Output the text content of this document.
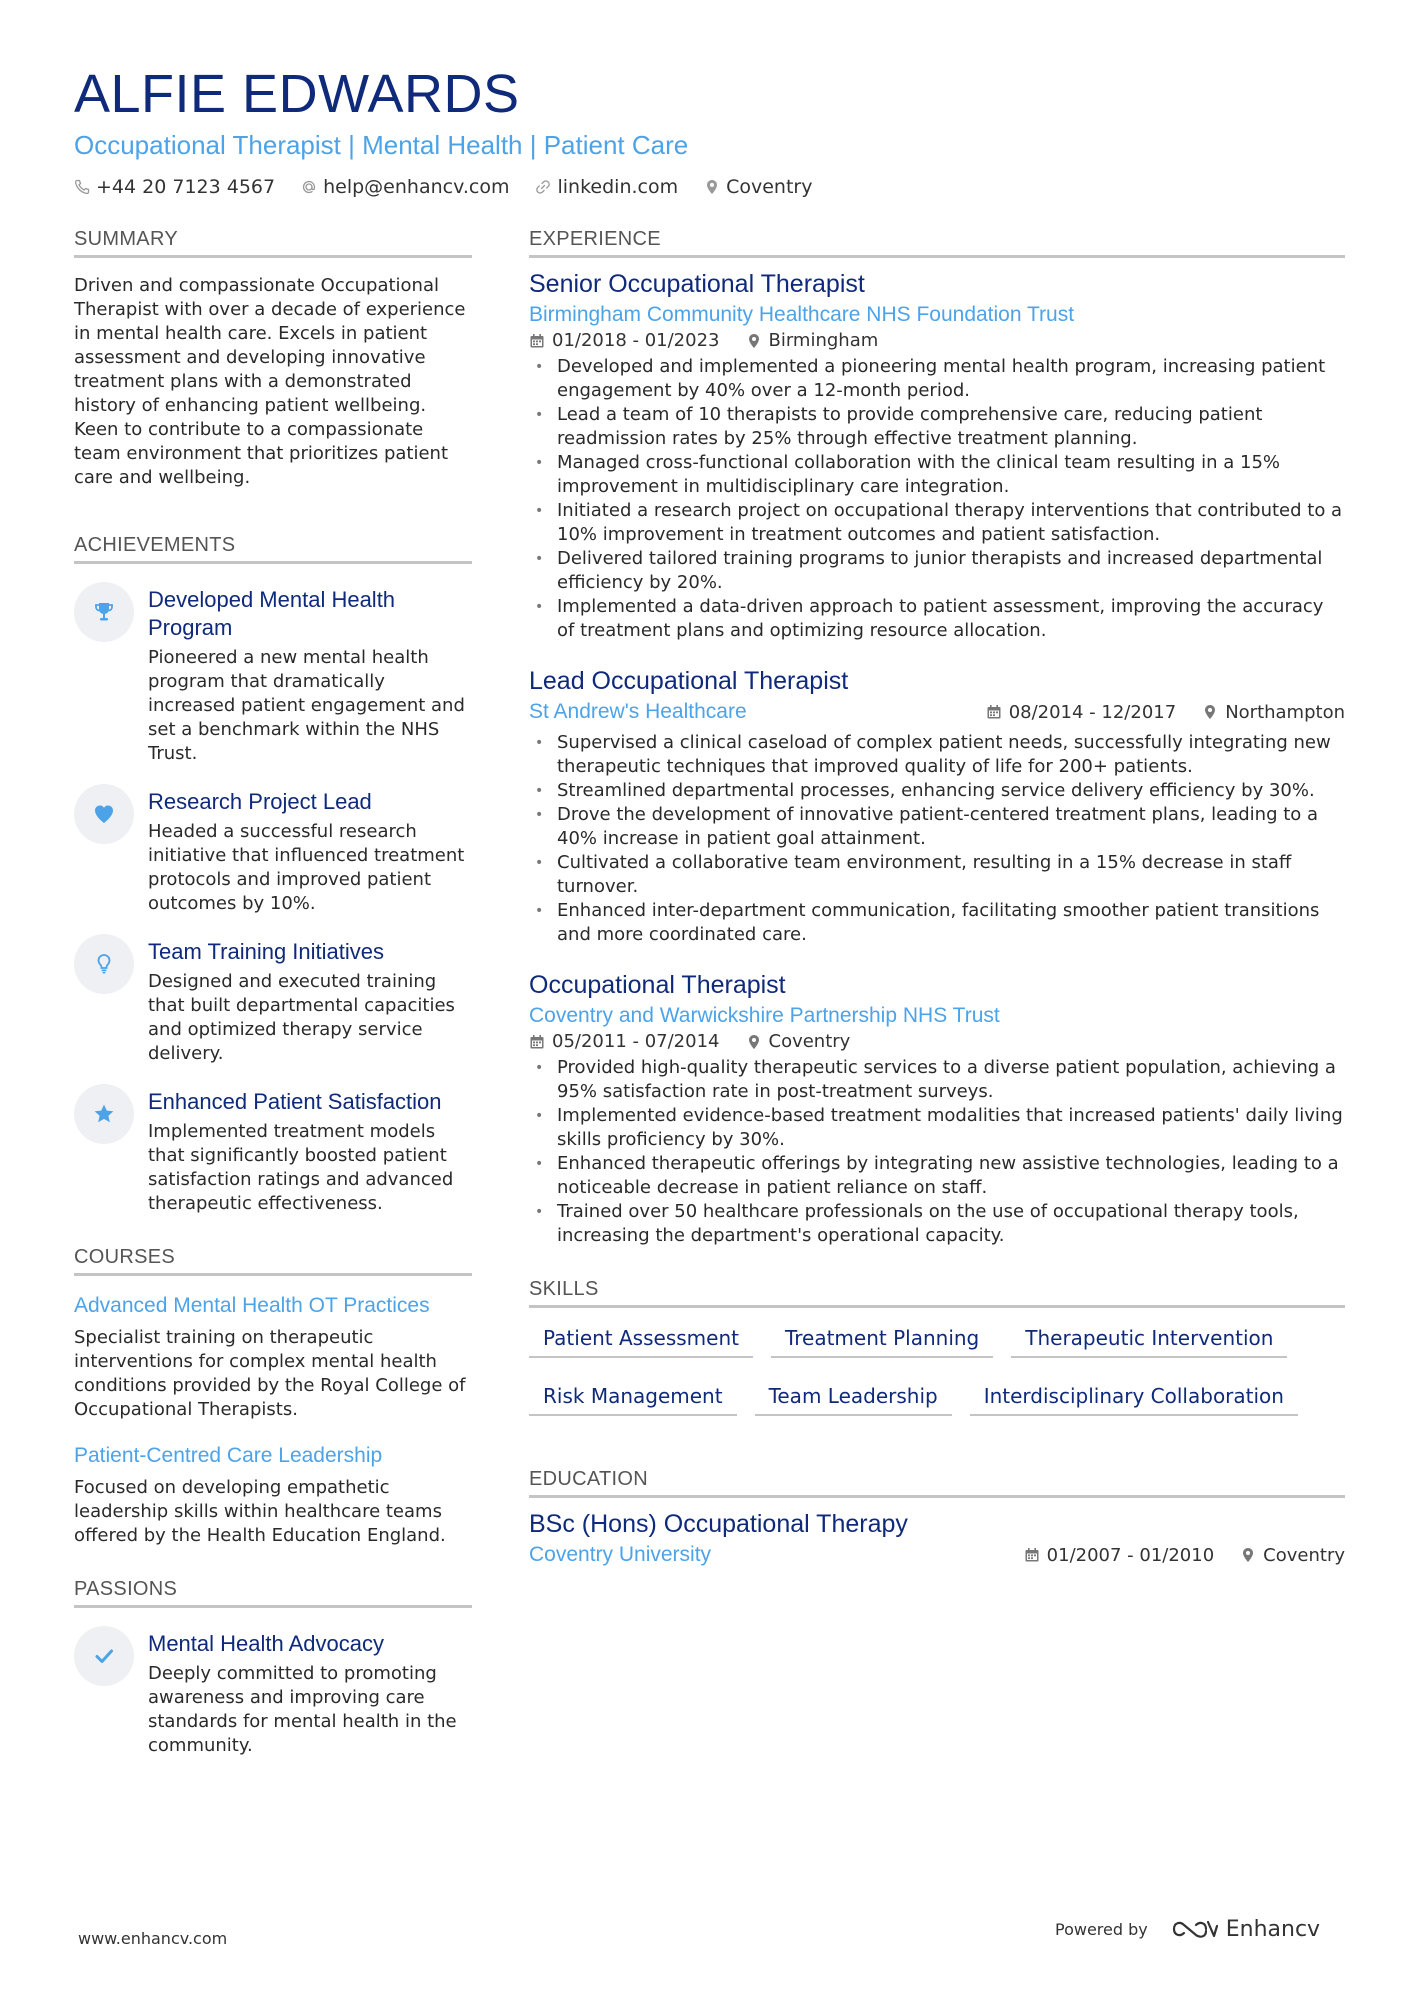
ALFIE EDWARDS
Occupational Therapist | Mental Health | Patient Care
+44 20 7123 4567	help@enhancv.com	linkedin.com	Coventry
SUMMARY
Driven and compassionate Occupational Therapist with over a decade of experience in mental health care. Excels in patient assessment and developing innovative treatment plans with a demonstrated history of enhancing patient wellbeing. Keen to contribute to a compassionate team environment that prioritizes patient care and wellbeing.
ACHIEVEMENTS
Developed Mental Health Program
Pioneered a new mental health program that dramatically increased patient engagement and set a benchmark within the NHS Trust.
Research Project Lead
Headed a successful research initiative that influenced treatment protocols and improved patient outcomes by 10%.
Team Training Initiatives
Designed and executed training that built departmental capacities and optimized therapy service delivery.
Enhanced Patient Satisfaction
Implemented treatment models that significantly boosted patient satisfaction ratings and advanced therapeutic effectiveness.
COURSES
Advanced Mental Health OT Practices
Specialist training on therapeutic interventions for complex mental health conditions provided by the Royal College of Occupational Therapists.
Patient-Centred Care Leadership
Focused on developing empathetic leadership skills within healthcare teams offered by the Health Education England.
PASSIONS
Mental Health Advocacy
Deeply committed to promoting awareness and improving care standards for mental health in the community.
EXPERIENCE
Senior Occupational Therapist
Birmingham Community Healthcare NHS Foundation Trust
01/2018 - 01/2023	Birmingham
• Developed and implemented a pioneering mental health program, increasing patient engagement by 40% over a 12-month period.
• Lead a team of 10 therapists to provide comprehensive care, reducing patient readmission rates by 25% through effective treatment planning.
• Managed cross-functional collaboration with the clinical team resulting in a 15% improvement in multidisciplinary care integration.
• Initiated a research project on occupational therapy interventions that contributed to a 10% improvement in treatment outcomes and patient satisfaction.
• Delivered tailored training programs to junior therapists and increased departmental efficiency by 20%.
• Implemented a data-driven approach to patient assessment, improving the accuracy of treatment plans and optimizing resource allocation.
Lead Occupational Therapist
St Andrew's Healthcare	08/2014 - 12/2017	Northampton
• Supervised a clinical caseload of complex patient needs, successfully integrating new therapeutic techniques that improved quality of life for 200+ patients.
• Streamlined departmental processes, enhancing service delivery efficiency by 30%.
• Drove the development of innovative patient-centered treatment plans, leading to a 40% increase in patient goal attainment.
• Cultivated a collaborative team environment, resulting in a 15% decrease in staff turnover.
• Enhanced inter-department communication, facilitating smoother patient transitions and more coordinated care.
Occupational Therapist
Coventry and Warwickshire Partnership NHS Trust
05/2011 - 07/2014	Coventry
• Provided high-quality therapeutic services to a diverse patient population, achieving a 95% satisfaction rate in post-treatment surveys.
• Implemented evidence-based treatment modalities that increased patients' daily living skills proficiency by 30%.
• Enhanced therapeutic offerings by integrating new assistive technologies, leading to a noticeable decrease in patient reliance on staff.
• Trained over 50 healthcare professionals on the use of occupational therapy tools, increasing the department's operational capacity.
SKILLS
Patient Assessment	Treatment Planning	Therapeutic Intervention
Risk Management	Team Leadership	Interdisciplinary Collaboration
EDUCATION
BSc (Hons) Occupational Therapy
Coventry University	01/2007 - 01/2010	Coventry
www.enhancv.com	Powered by	Enhancv
